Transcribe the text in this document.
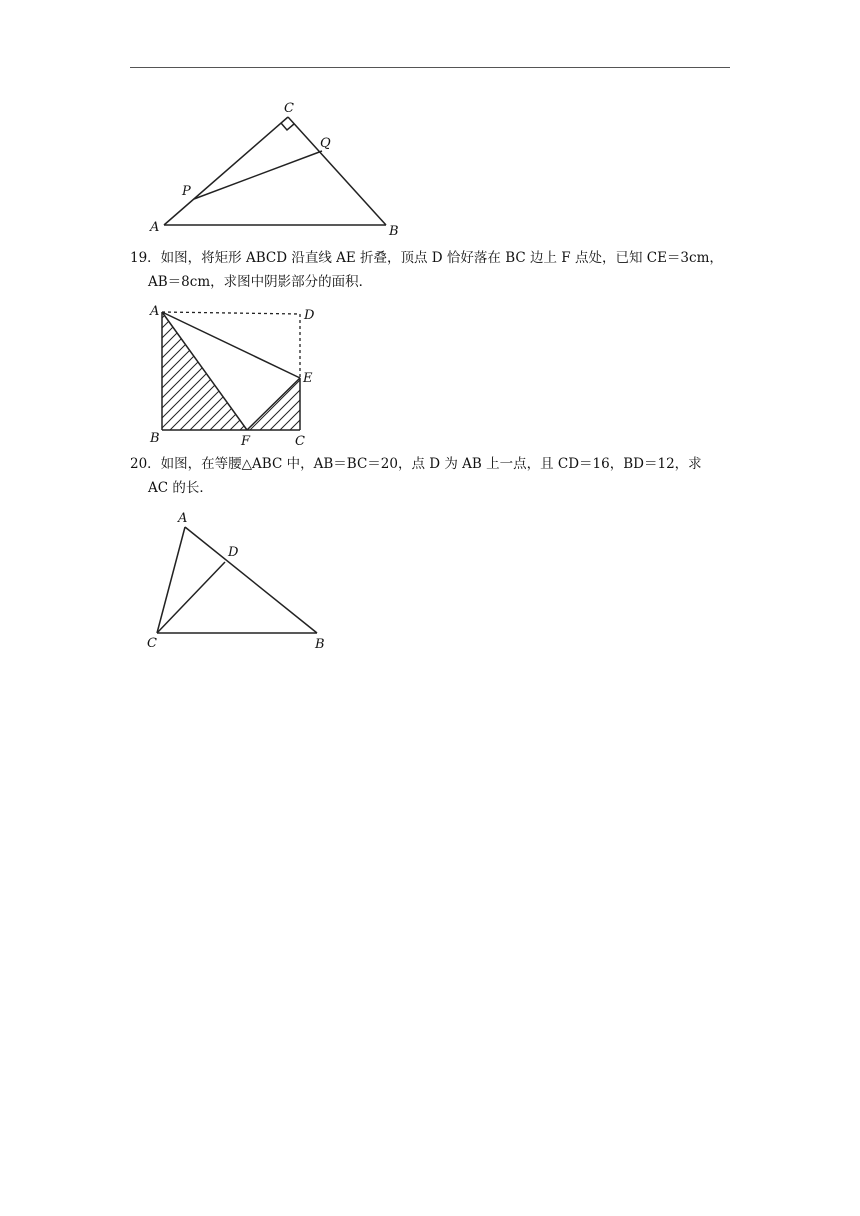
C
Q
P
A	B
19．如图，将矩形 ABCD 沿直线 AE 折叠，顶点 D 恰好落在 BC 边上 F 点处，已知 CE＝3cm，
AB＝8cm，求图中阴影部分的面积．
A	D
E
B	F	C
20．如图，在等腰△ABC 中，AB＝BC＝20，点 D 为 AB 上一点，且 CD＝16，BD＝12，求
AC 的长．
A
D
C	B
